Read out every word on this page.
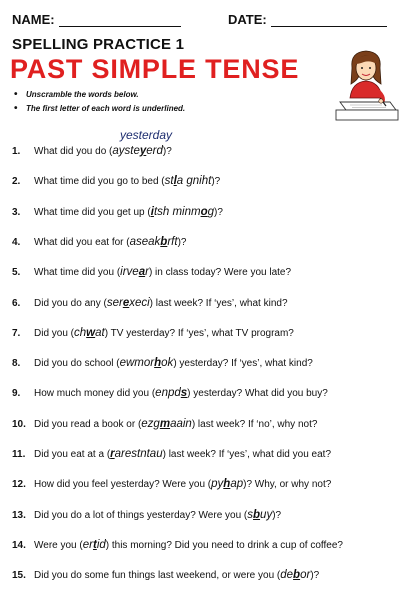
NAME:	DATE:
SPELLING PRACTICE 1
PAST SIMPLE TENSE
• Unscramble the words below.
• The first letter of each word is underlined.
yesterday
1. What did you do (aysteyerd)?
2. What time did you go to bed (stla gniht)?
3. What time did you get up (itsh minmog)?
4. What did you eat for (aseakbrft)?
5. What time did you (irvear) in class today? Were you late?
6. Did you do any (serexeci) last week? If ‘yes’, what kind?
7. Did you (chwat) TV yesterday? If ‘yes’, what TV program?
8. Did you do school (ewmorhok) yesterday? If ‘yes’, what kind?
9. How much money did you (enpds) yesterday? What did you buy?
10. Did you read a book or (ezgmaain) last week? If ‘no’, why not?
11. Did you eat at a (rarestntau) last week? If ‘yes’, what did you eat?
12. How did you feel yesterday? Were you (pyhap)? Why, or why not?
13. Did you do a lot of things yesterday? Were you (sbuy)?
14. Were you (ertid) this morning? Did you need to drink a cup of coffee?
15. Did you do some fun things last weekend, or were you (debor)?
